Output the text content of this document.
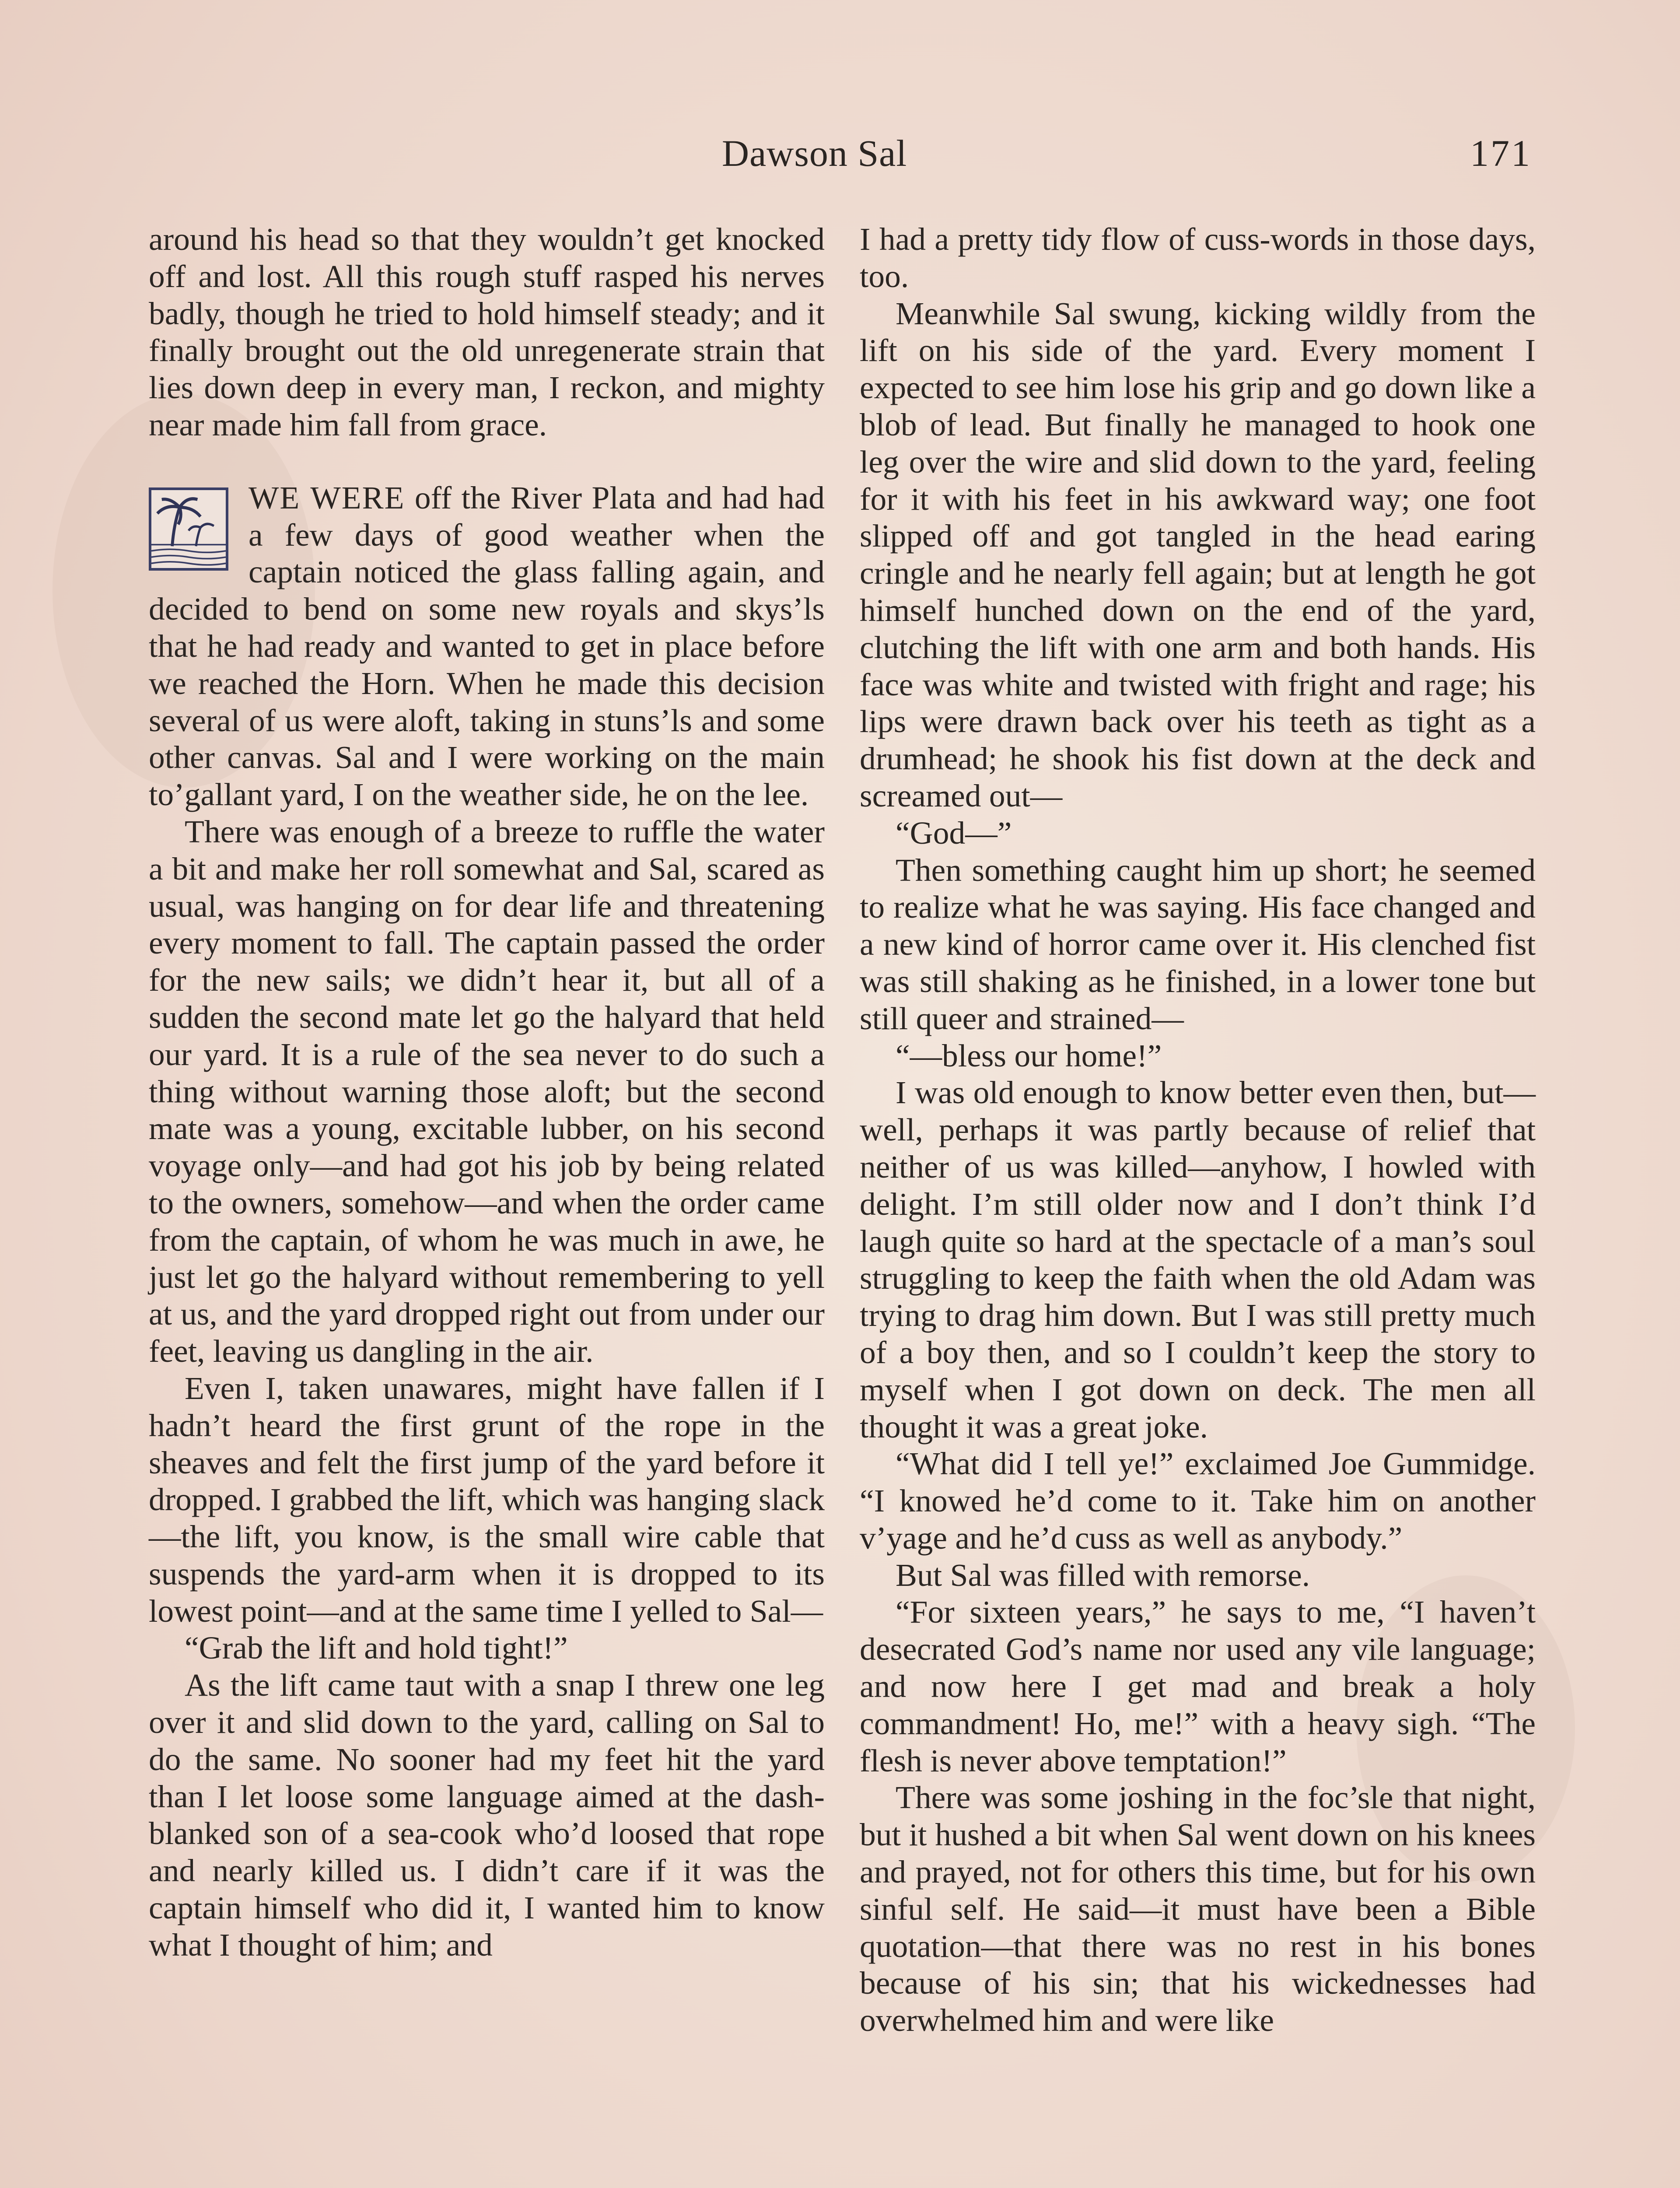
Dawson Sal	171

around his head so that they wouldn’t get knocked off and lost. All this rough stuff rasped his nerves badly, though he tried to hold himself steady; and it finally brought out the old unregenerate strain that lies down deep in every man, I reckon, and mighty near made him fall from grace.

WE WERE off the River Plata and had had a few days of good weather when the captain noticed the glass falling again, and decided to bend on some new royals and skys’ls that he had ready and wanted to get in place before we reached the Horn. When he made this decision several of us were aloft, taking in stuns’ls and some other canvas. Sal and I were working on the main to’gallant yard, I on the weather side, he on the lee.

There was enough of a breeze to ruffle the water a bit and make her roll somewhat and Sal, scared as usual, was hanging on for dear life and threatening every moment to fall. The captain passed the order for the new sails; we didn’t hear it, but all of a sudden the second mate let go the halyard that held our yard. It is a rule of the sea never to do such a thing without warning those aloft; but the second mate was a young, excitable lubber, on his second voyage only—and had got his job by being related to the owners, somehow—and when the order came from the captain, of whom he was much in awe, he just let go the halyard without remembering to yell at us, and the yard dropped right out from under our feet, leaving us dangling in the air.

Even I, taken unawares, might have fallen if I hadn’t heard the first grunt of the rope in the sheaves and felt the first jump of the yard before it dropped. I grabbed the lift, which was hanging slack—the lift, you know, is the small wire cable that suspends the yard-arm when it is dropped to its lowest point—and at the same time I yelled to Sal—

“Grab the lift and hold tight!”

As the lift came taut with a snap I threw one leg over it and slid down to the yard, calling on Sal to do the same. No sooner had my feet hit the yard than I let loose some language aimed at the dash-blanked son of a sea-cook who’d loosed that rope and nearly killed us. I didn’t care if it was the captain himself who did it, I wanted him to know what I thought of him; and

I had a pretty tidy flow of cuss-words in those days, too.

Meanwhile Sal swung, kicking wildly from the lift on his side of the yard. Every moment I expected to see him lose his grip and go down like a blob of lead. But finally he managed to hook one leg over the wire and slid down to the yard, feeling for it with his feet in his awkward way; one foot slipped off and got tangled in the head earing cringle and he nearly fell again; but at length he got himself hunched down on the end of the yard, clutching the lift with one arm and both hands. His face was white and twisted with fright and rage; his lips were drawn back over his teeth as tight as a drumhead; he shook his fist down at the deck and screamed out—

“God—”

Then something caught him up short; he seemed to realize what he was saying. His face changed and a new kind of horror came over it. His clenched fist was still shaking as he finished, in a lower tone but still queer and strained—

“—bless our home!”

I was old enough to know better even then, but—well, perhaps it was partly because of relief that neither of us was killed—anyhow, I howled with delight. I’m still older now and I don’t think I’d laugh quite so hard at the spectacle of a man’s soul struggling to keep the faith when the old Adam was trying to drag him down. But I was still pretty much of a boy then, and so I couldn’t keep the story to myself when I got down on deck. The men all thought it was a great joke.

“What did I tell ye!” exclaimed Joe Gummidge. “I knowed he’d come to it. Take him on another v’yage and he’d cuss as well as anybody.”

But Sal was filled with remorse.

“For sixteen years,” he says to me, “I haven’t desecrated God’s name nor used any vile language; and now here I get mad and break a holy commandment! Ho, me!” with a heavy sigh. “The flesh is never above temptation!”

There was some joshing in the foc’sle that night, but it hushed a bit when Sal went down on his knees and prayed, not for others this time, but for his own sinful self. He said—it must have been a Bible quotation—that there was no rest in his bones because of his sin; that his wickednesses had overwhelmed him and were like
